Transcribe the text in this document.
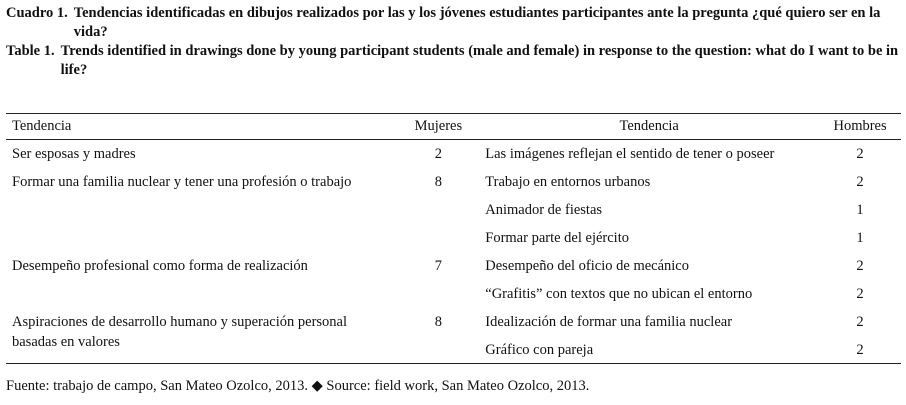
Cuadro 1. Tendencias identificadas en dibujos realizados por las y los jóvenes estudiantes participantes ante la pregunta ¿qué quiero ser en la vida?
Table 1. Trends identified in drawings done by young participant students (male and female) in response to the question: what do I want to be in life?
Tendencia	Mujeres	Tendencia	Hombres
Ser esposas y madres	2	Las imágenes reflejan el sentido de tener o poseer	2
Formar una familia nuclear y tener una profesión o trabajo	8	Trabajo en entornos urbanos	2
		Animador de fiestas	1
		Formar parte del ejército	1
Desempeño profesional como forma de realización	7	Desempeño del oficio de mecánico	2
		“Grafitis” con textos que no ubican el entorno	2
Aspiraciones de desarrollo humano y superación personal basadas en valores	8	Idealización de formar una familia nuclear	2
		Gráfico con pareja	2
Fuente: trabajo de campo, San Mateo Ozolco, 2013. ◆ Source: field work, San Mateo Ozolco, 2013.
